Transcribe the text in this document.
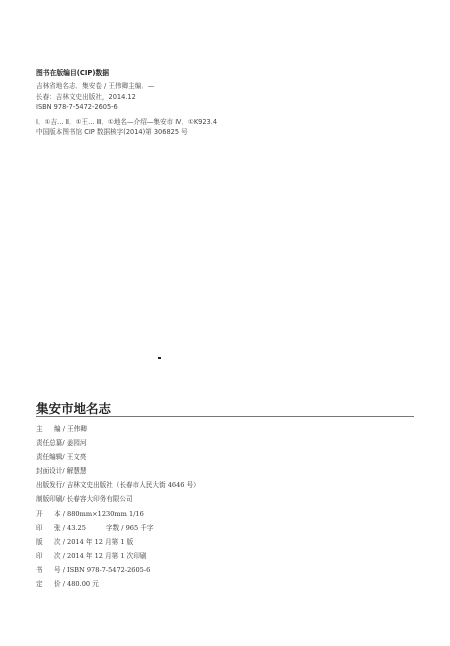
图书在版编目(CIP)数据
吉林省地名志．集安卷 / 王伟卿主编．—
长春：吉林文史出版社，2014.12
ISBN 978-7-5472-2605-6
Ⅰ．①吉… Ⅱ．①王… Ⅲ．①地名—介绍—集安市 Ⅳ．①K923.4
中国版本图书馆 CIP 数据核字(2014)第 306825 号
集安市地名志
主 编 / 王伟卿
责任总纂/ 姜园河
责任编辑/ 王文亮
封面设计/ 解慧慧
出版发行/ 吉林文史出版社（长春市人民大街 4646 号）
制版印刷/ 长春容大印务有限公司
开 本 / 880mm×1230mm 1/16
印 张 / 43.25	字数 / 965 千字
版 次 / 2014 年 12 月第 1 版
印 次 / 2014 年 12 月第 1 次印刷
书 号 / ISBN 978-7-5472-2605-6
定 价 / 480.00 元
